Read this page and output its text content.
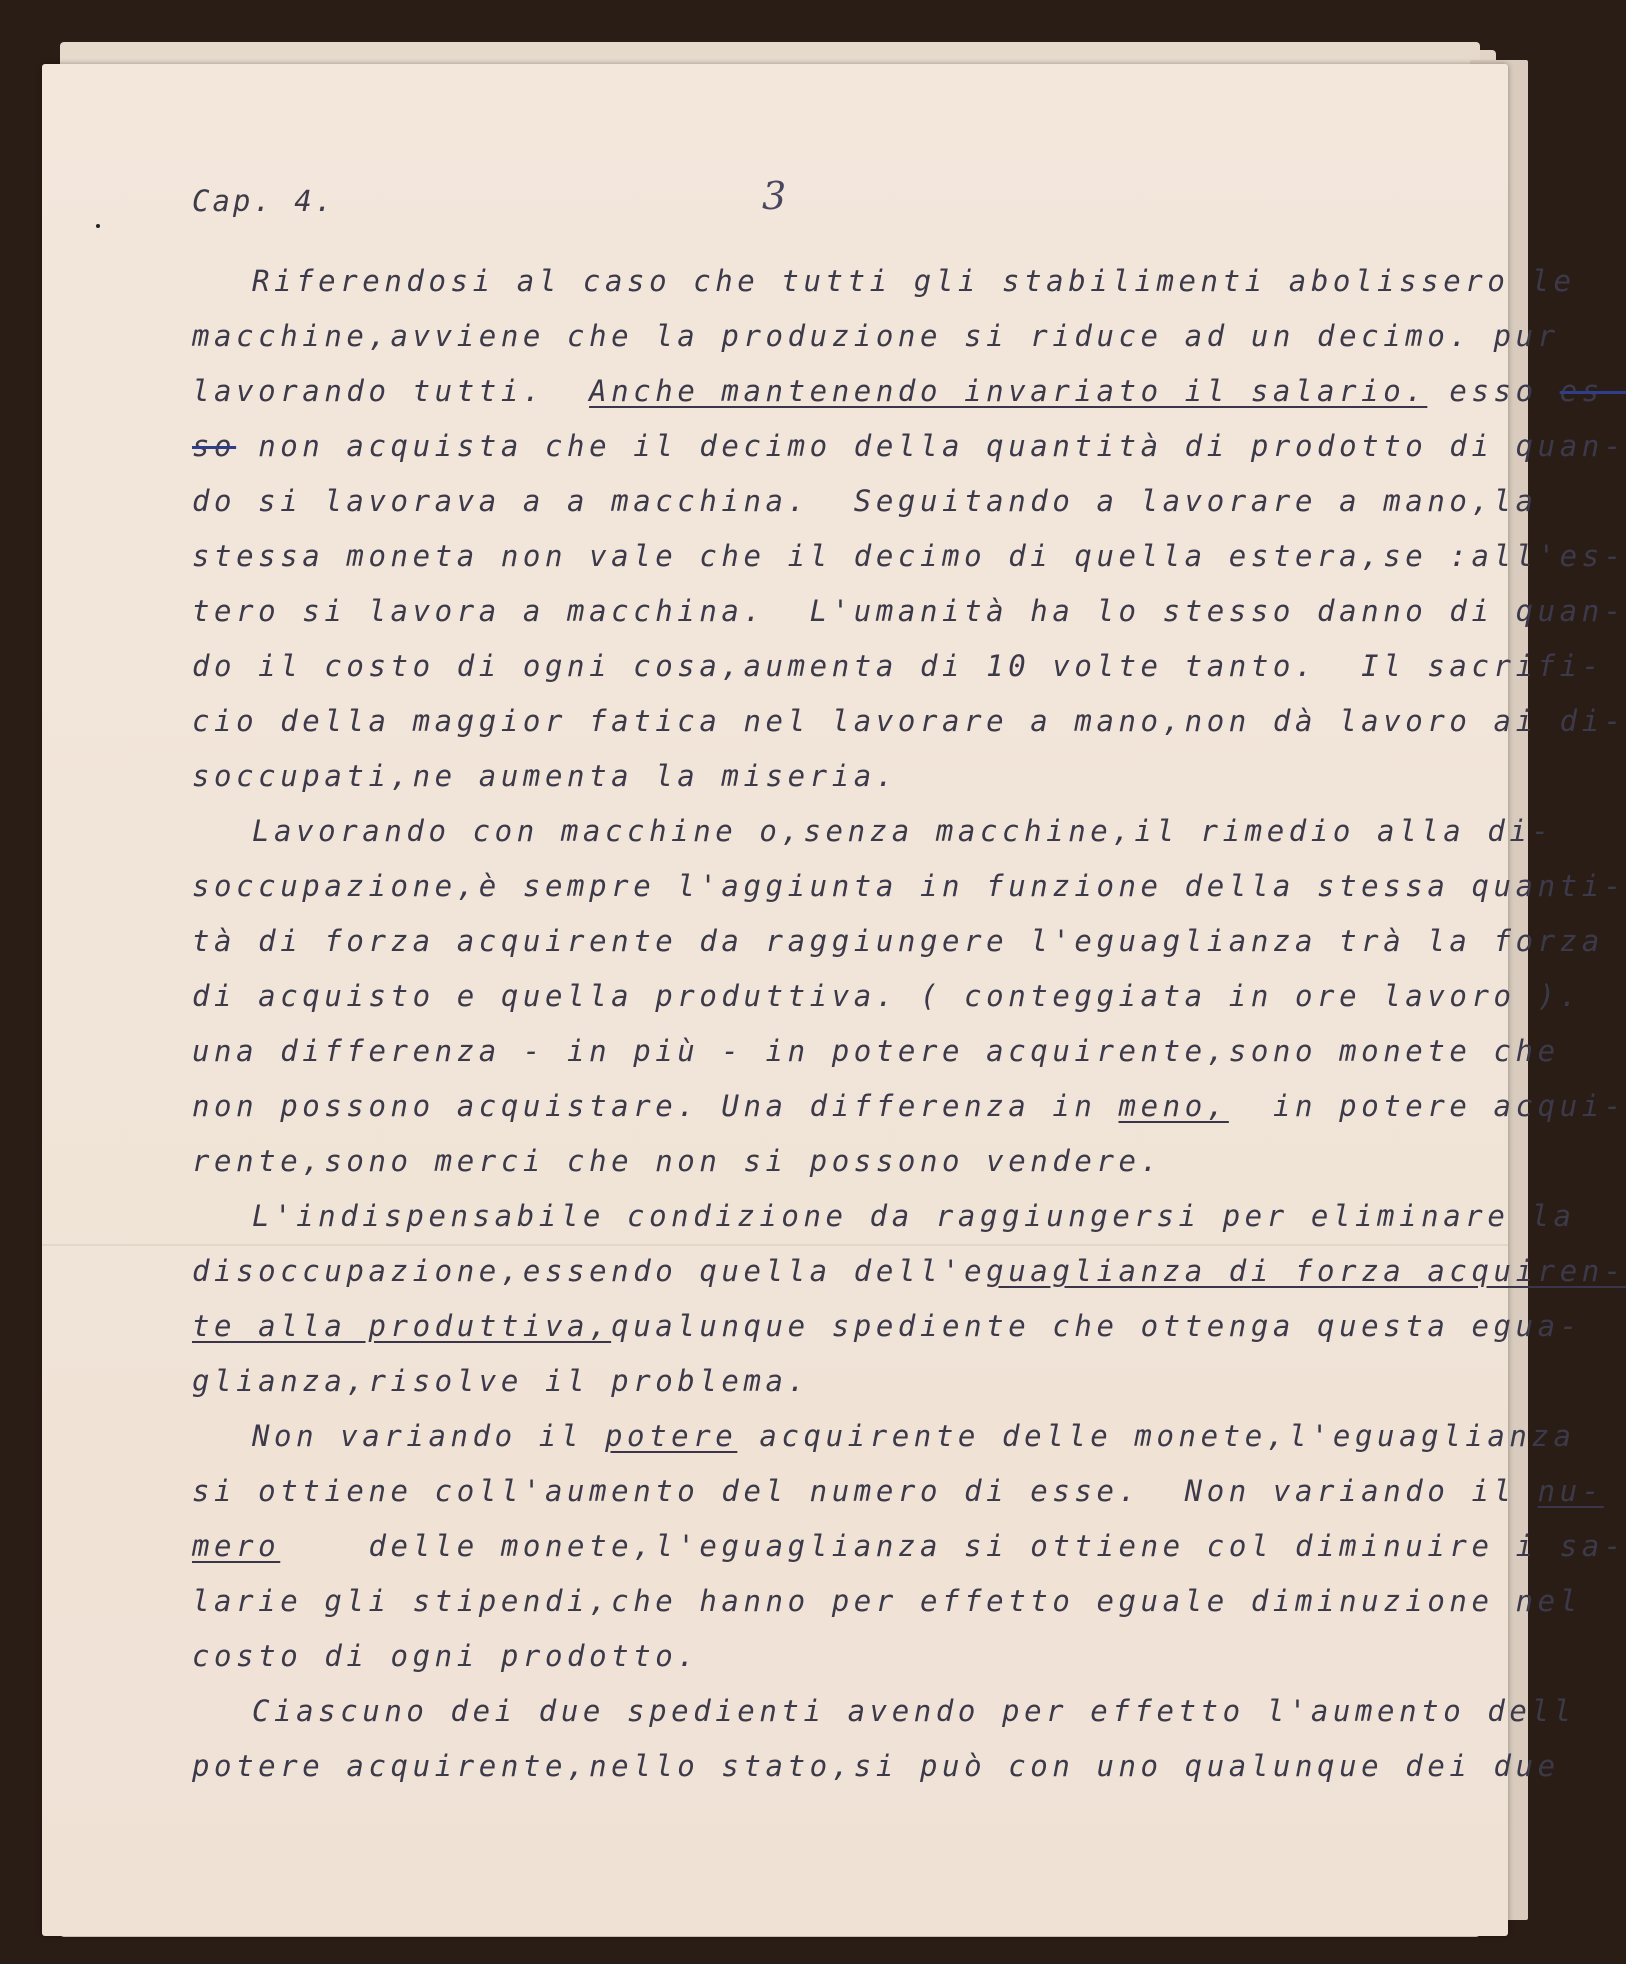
Cap. 4.	3
Riferendosi al caso che tutti gli stabilimenti abolissero le
macchine,avviene che la produzione si riduce ad un decimo. pur
lavorando tutti. Anche mantenendo invariato il salario. esso es-
so non acquista che il decimo della quantità di prodotto di quan-
do si lavorava a a macchina.  Seguitando a lavorare a mano,la
stessa moneta non vale che il decimo di quella estera,se :all'es-
tero si lavora a macchina.  L'umanità ha lo stesso danno di quan-
do il costo di ogni cosa,aumenta di 10 volte tanto.  Il sacrifi-
cio della maggior fatica nel lavorare a mano,non dà lavoro ai di-
soccupati,ne aumenta la miseria.
Lavorando con macchine o,senza macchine,il rimedio alla di-
soccupazione,è sempre l'aggiunta in funzione della stessa quanti-
tà di forza acquirente da raggiungere l'eguaglianza trà la forza
di acquisto e quella produttiva. ( conteggiata in ore lavoro ).
una differenza - in più - in potere acquirente,sono monete che
non possono acquistare. Una differenza in meno, in potere acqui-
rente,sono merci che non si possono vendere.
L'indispensabile condizione da raggiungersi per eliminare la
disoccupazione,essendo quella dell'eguaglianza di forza acquiren-
te alla produttiva,qualunque spediente che ottenga questa egua-
glianza,risolve il problema.
Non variando il potere acquirente delle monete,l'eguaglianza
si ottiene coll'aumento del numero di esse.  Non variando il nu-
mero	delle monete,l'eguaglianza si ottiene col diminuire i sa-
larie gli stipendi,che hanno per effetto eguale diminuzione nel
costo di ogni prodotto.
Ciascuno dei due spedienti avendo per effetto l'aumento dell
potere acquirente,nello stato,si può con uno qualunque dei due
